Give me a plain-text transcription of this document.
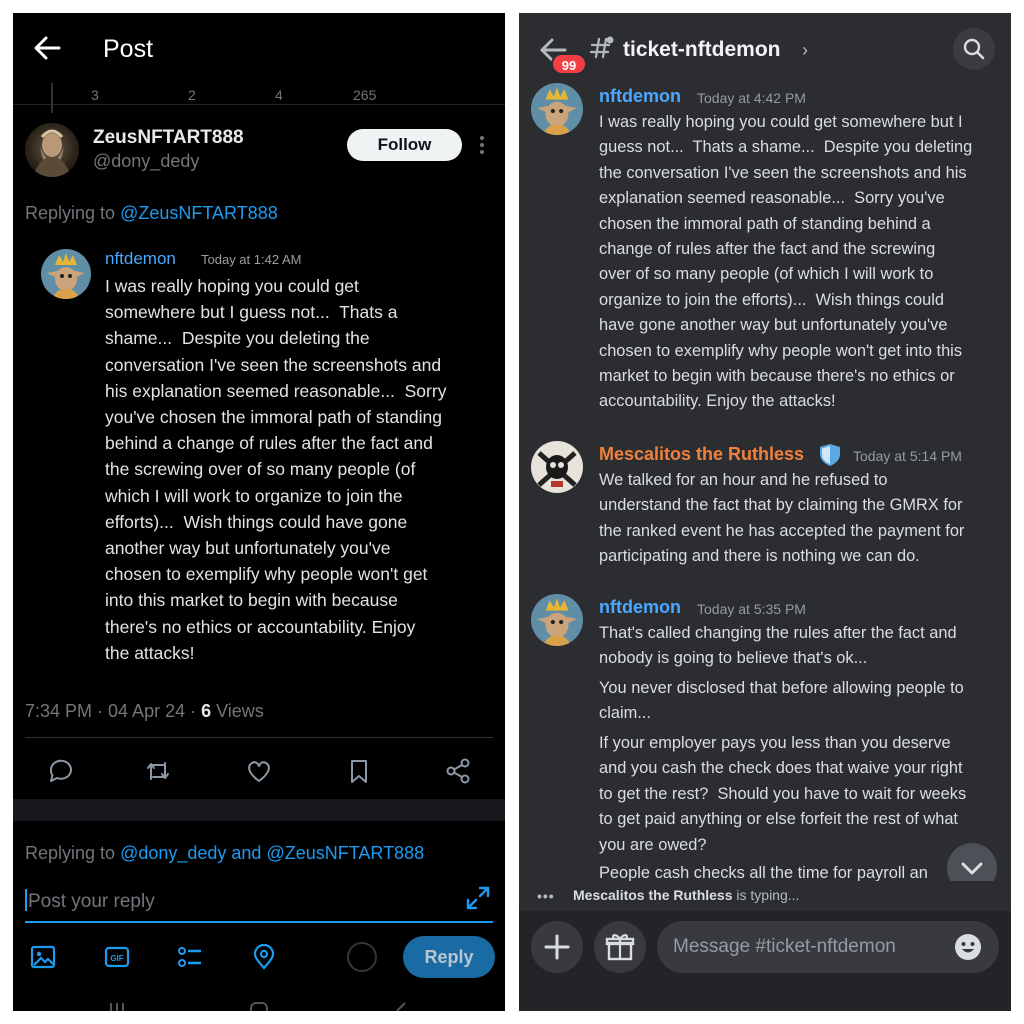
Post
3	2	4	265
ZeusNFTART888
@dony_dedy
Follow
Replying to @ZeusNFTART888
nftdemon Today at 1:42 AM
I was really hoping you could get
somewhere but I guess not...  Thats a
shame...  Despite you deleting the
conversation I've seen the screenshots and
his explanation seemed reasonable...  Sorry
you've chosen the immoral path of standing
behind a change of rules after the fact and
the screwing over of so many people (of
which I will work to organize to join the
efforts)...  Wish things could have gone
another way but unfortunately you've
chosen to exemplify why people won't get
into this market to begin with because
there's no ethics or accountability. Enjoy
the attacks!
7:34 PM · 04 Apr 24 · 6 Views
Replying to @dony_dedy and @ZeusNFTART888
Post your reply
GIF	Reply
99
ticket-nftdemon ›
nftdemon Today at 4:42 PM
I was really hoping you could get somewhere but I
guess not...  Thats a shame...  Despite you deleting
the conversation I've seen the screenshots and his
explanation seemed reasonable...  Sorry you've
chosen the immoral path of standing behind a
change of rules after the fact and the screwing
over of so many people (of which I will work to
organize to join the efforts)...  Wish things could
have gone another way but unfortunately you've
chosen to exemplify why people won't get into this
market to begin with because there's no ethics or
accountability. Enjoy the attacks!
Mescalitos the Ruthless	Today at 5:14 PM
We talked for an hour and he refused to
understand the fact that by claiming the GMRX for
the ranked event he has accepted the payment for
participating and there is nothing we can do.
nftdemon Today at 5:35 PM
That's called changing the rules after the fact and
nobody is going to believe that's ok...
You never disclosed that before allowing people to
claim...
If your employer pays you less than you deserve
and you cash the check does that waive your right
to get the rest?  Should you have to wait for weeks
to get paid anything or else forfeit the rest of what
you are owed?
People cash checks all the time for payroll an
••• Mescalitos the Ruthless is typing...
Message #ticket-nftdemon
